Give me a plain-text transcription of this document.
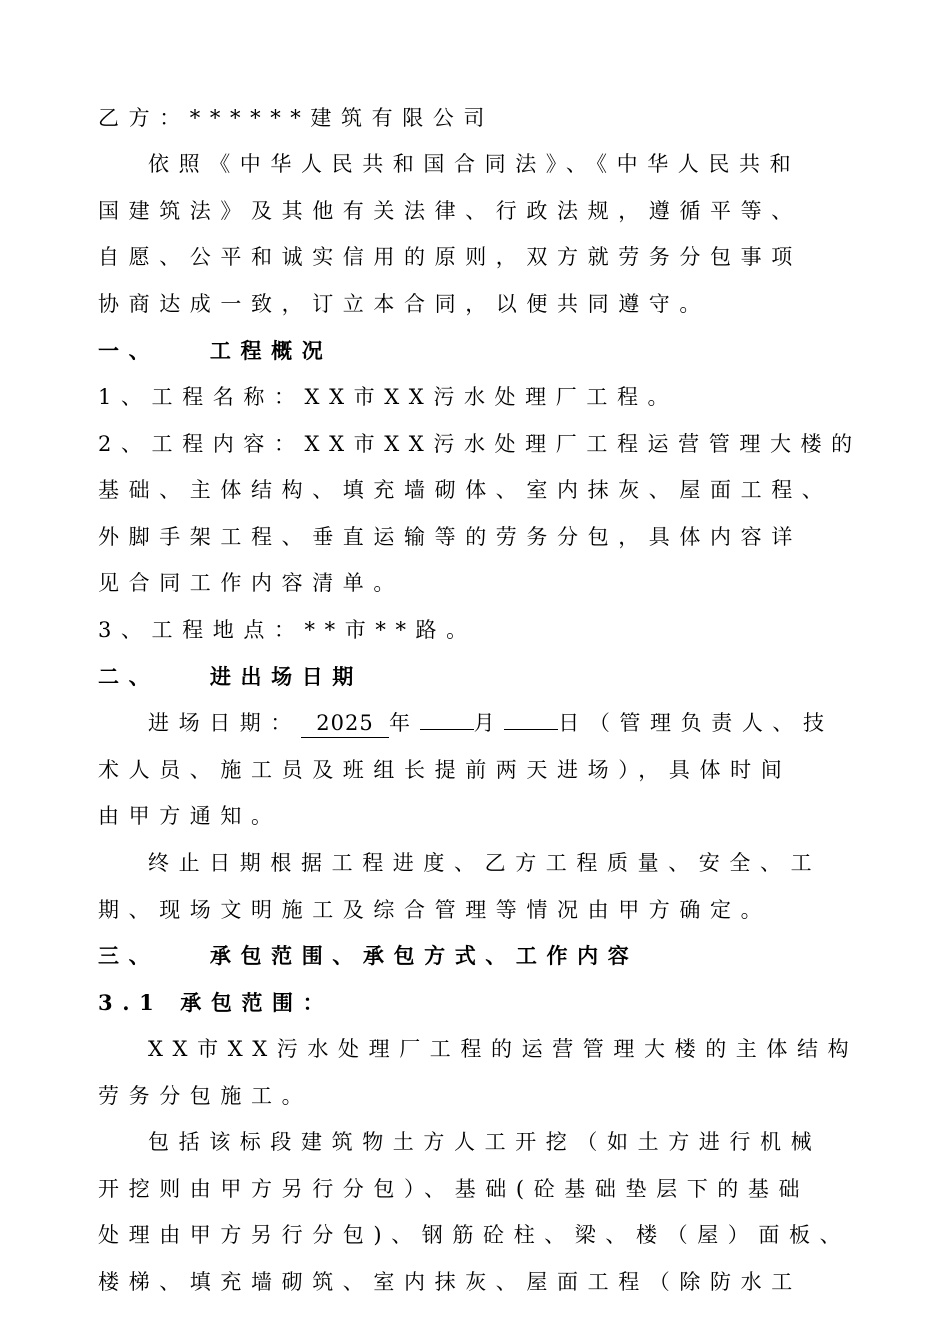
乙方：******建筑有限公司
依照《中华人民共和国合同法》、《中华人民共和
国建筑法》及其他有关法律、行政法规，遵循平等、
自愿、公平和诚实信用的原则，双方就劳务分包事项
协商达成一致，订立本合同，以便共同遵守。
一、　　工程概况
1、工程名称：XX市XX污水处理厂工程。
2、工程内容：XX市XX污水处理厂工程运营管理大楼的
基础、主体结构、填充墙砌体、室内抹灰、屋面工程、
外脚手架工程、垂直运输等的劳务分包，具体内容详
见合同工作内容清单。
3、工程地点：**市**路。
二、　　进出场日期
进场日期： 2025 年	月	日（管理负责人、技
术人员、施工员及班组长提前两天进场），具体时间
由甲方通知。
终止日期根据工程进度、乙方工程质量、安全、工
期、现场文明施工及综合管理等情况由甲方确定。
三、　　承包范围、承包方式、工作内容
3.1 承包范围：
XX市XX污水处理厂工程的运营管理大楼的主体结构
劳务分包施工。
包括该标段建筑物土方人工开挖（如土方进行机械
开挖则由甲方另行分包）、基础(砼基础垫层下的基础
处理由甲方另行分包)、钢筋砼柱、梁、楼（屋）面板、
楼梯、填充墙砌筑、室内抹灰、屋面工程（除防水工
